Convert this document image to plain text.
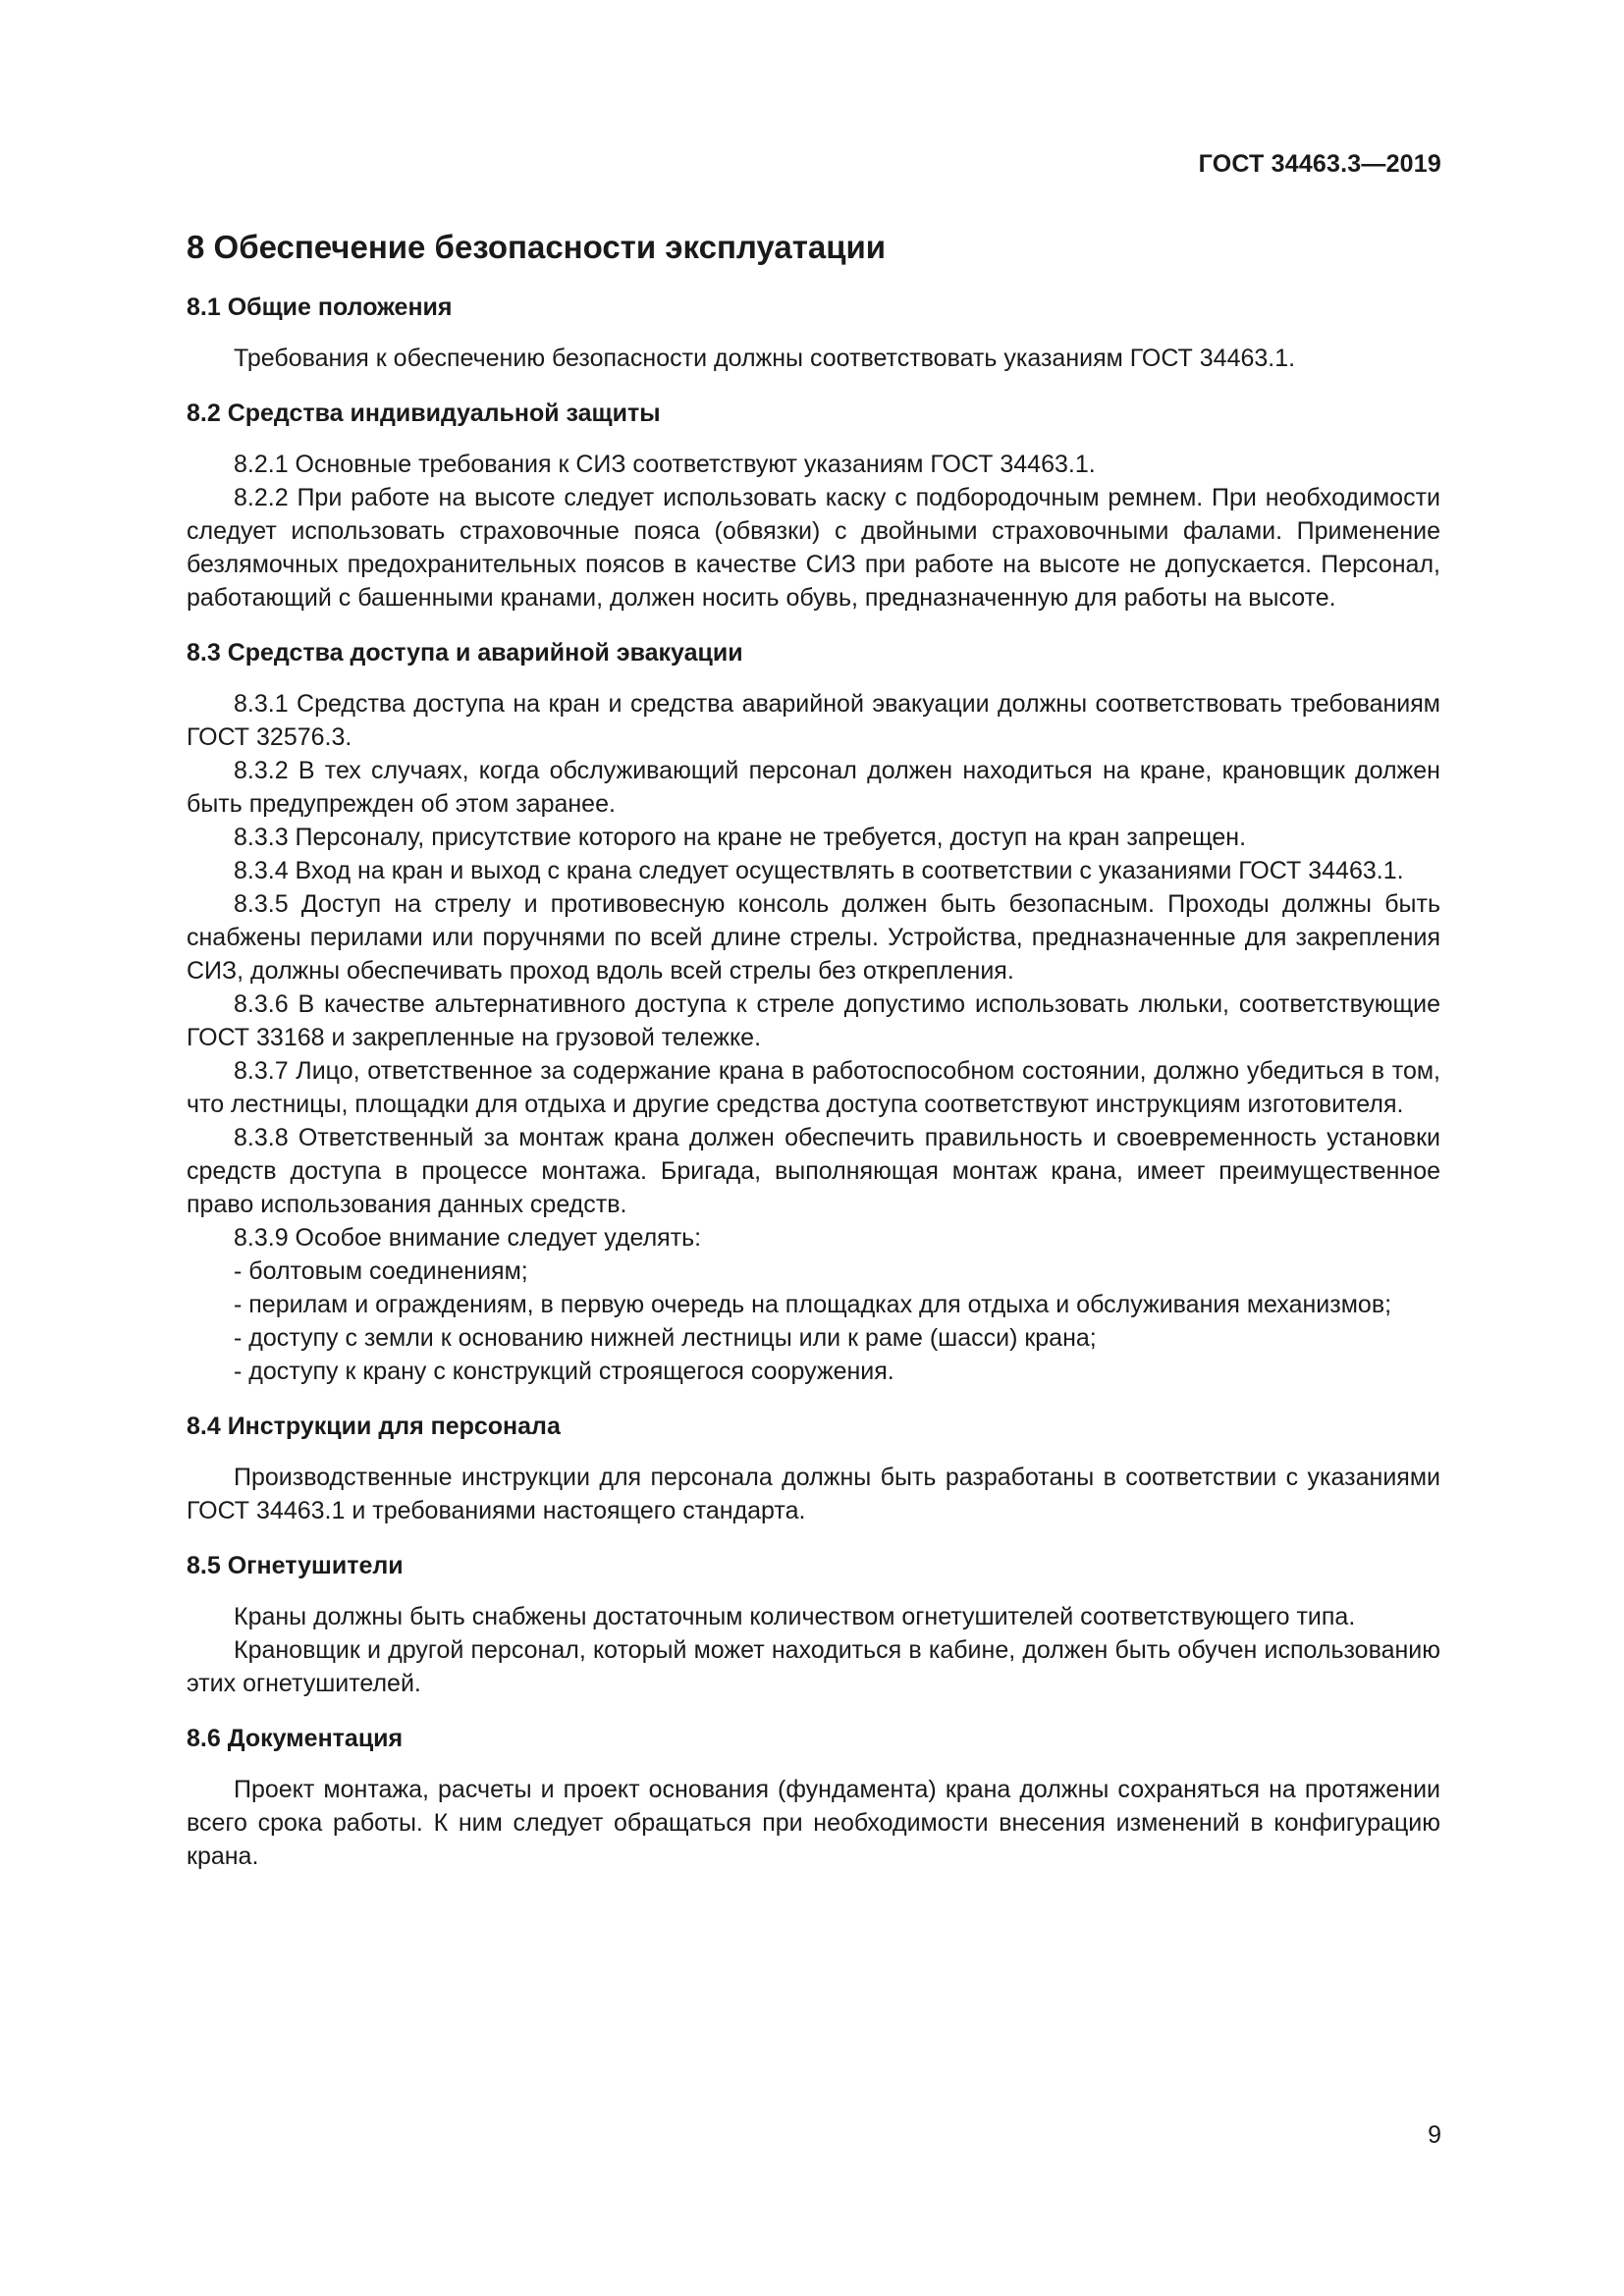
ГОСТ 34463.3—2019
8 Обеспечение безопасности эксплуатации
8.1 Общие положения

Требования к обеспечению безопасности должны соответствовать указаниям ГОСТ 34463.1.

8.2 Средства индивидуальной защиты

8.2.1 Основные требования к СИЗ соответствуют указаниям ГОСТ 34463.1.

8.2.2 При работе на высоте следует использовать каску с подбородочным ремнем. При необходимости следует использовать страховочные пояса (обвязки) с двойными страховочными фалами. Применение безлямочных предохранительных поясов в качестве СИЗ при работе на высоте не допускается. Персонал, работающий с башенными кранами, должен носить обувь, предназначенную для работы на высоте.

8.3 Средства доступа и аварийной эвакуации

8.3.1 Средства доступа на кран и средства аварийной эвакуации должны соответствовать требованиям ГОСТ 32576.3.

8.3.2 В тех случаях, когда обслуживающий персонал должен находиться на кране, крановщик должен быть предупрежден об этом заранее.

8.3.3 Персоналу, присутствие которого на кране не требуется, доступ на кран запрещен.

8.3.4 Вход на кран и выход с крана следует осуществлять в соответствии с указаниями ГОСТ 34463.1.

8.3.5 Доступ на стрелу и противовесную консоль должен быть безопасным. Проходы должны быть снабжены перилами или поручнями по всей длине стрелы. Устройства, предназначенные для закрепления СИЗ, должны обеспечивать проход вдоль всей стрелы без открепления.

8.3.6 В качестве альтернативного доступа к стреле допустимо использовать люльки, соответствующие ГОСТ 33168 и закрепленные на грузовой тележке.

8.3.7 Лицо, ответственное за содержание крана в работоспособном состоянии, должно убедиться в том, что лестницы, площадки для отдыха и другие средства доступа соответствуют инструкциям изготовителя.

8.3.8 Ответственный за монтаж крана должен обеспечить правильность и своевременность установки средств доступа в процессе монтажа. Бригада, выполняющая монтаж крана, имеет преимущественное право использования данных средств.

8.3.9 Особое внимание следует уделять:

- болтовым соединениям;

- перилам и ограждениям, в первую очередь на площадках для отдыха и обслуживания механизмов;

- доступу с земли к основанию нижней лестницы или к раме (шасси) крана;

- доступу к крану с конструкций строящегося сооружения.

8.4 Инструкции для персонала

Производственные инструкции для персонала должны быть разработаны в соответствии с указаниями ГОСТ 34463.1 и требованиями настоящего стандарта.

8.5 Огнетушители

Краны должны быть снабжены достаточным количеством огнетушителей соответствующего типа.

Крановщик и другой персонал, который может находиться в кабине, должен быть обучен использованию этих огнетушителей.

8.6 Документация

Проект монтажа, расчеты и проект основания (фундамента) крана должны сохраняться на протяжении всего срока работы. К ним следует обращаться при необходимости внесения изменений в конфигурацию крана.

9
